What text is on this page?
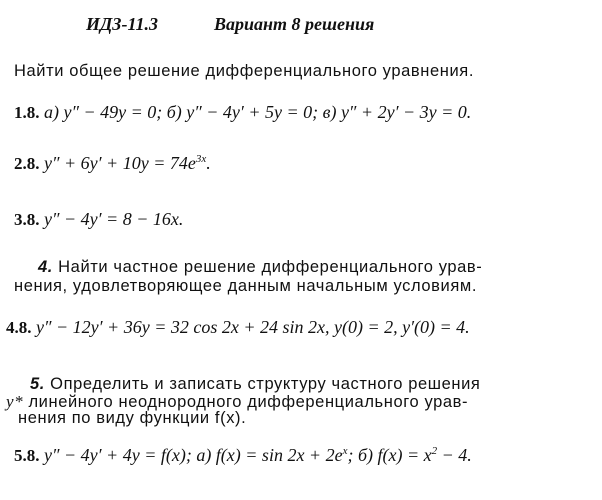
ИДЗ-11.3	Вариант 8 решения
Найти общее решение дифференциального уравнения.
1.8. а) y″ − 49y = 0; б) y″ − 4y′ + 5y = 0; в) y″ + 2y′ − 3y = 0.
2.8. $y'' + 6y' + 10y = 74e^{3x}$.
3.8. y″ − 4y′ = 8 − 16x.
4. Найти частное решение дифференциального урав-
нения, удовлетворяющее данным начальным условиям.
4.8. y″ − 12y′ + 36y = 32 cos 2x + 24 sin 2x, y(0) = 2, y′(0) = 4.
5. Определить и записать структуру частного решения
y* линейного неоднородного дифференциального урав-
нения по виду функции f(x).
5.8. y″ − 4y′ + 4y = f(x); а) $f(x) = \sin 2x + 2e^x$; б) $f(x) = x^2 - 4$.
